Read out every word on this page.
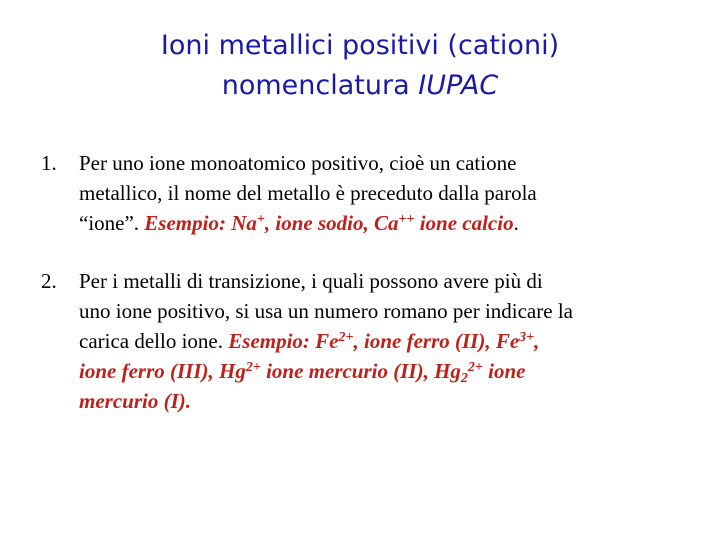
Ioni metallici positivi (cationi)
nomenclatura IUPAC
1. Per uno ione monoatomico positivo, cioè un catione
metallico, il nome del metallo è preceduto dalla parola
“ione”. Esempio: Na+, ione sodio, Ca++ ione calcio.
2. Per i metalli di transizione, i quali possono avere più di
uno ione positivo, si usa un numero romano per indicare la
carica dello ione. Esempio: $Fe^{2+}$, ione ferro (II), $Fe^{3+}$,
ione ferro (III), $Hg^{2+}$ ione mercurio (II), $Hg_2^{2+}$ ione
mercurio (I).
